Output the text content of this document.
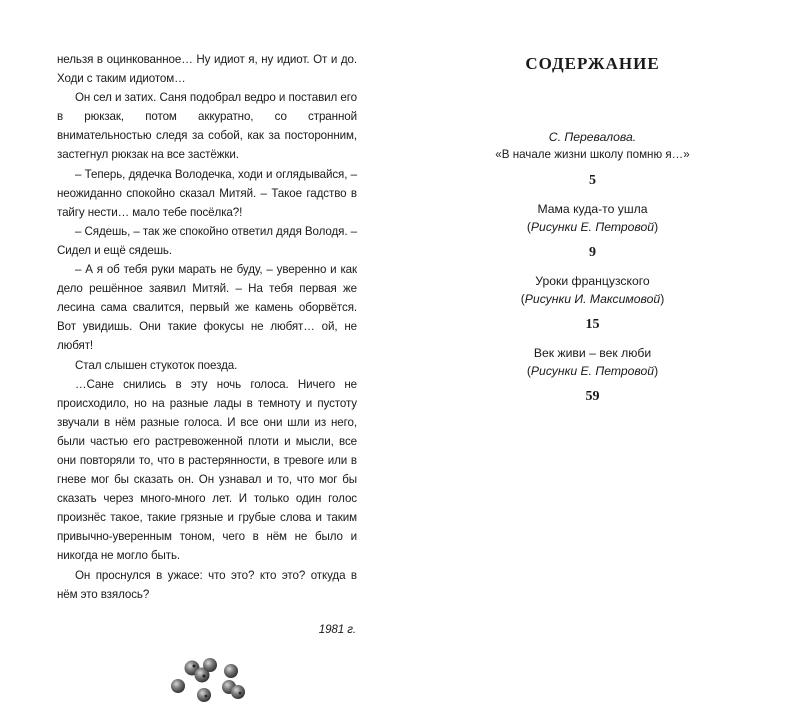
нельзя в оцинкованное… Ну идиот я, ну идиот. От и до. Ходи с таким идиотом…

Он сел и затих. Саня подобрал ведро и поставил его в рюкзак, потом аккуратно, со странной внимательностью следя за собой, как за посторонним, застегнул рюкзак на все застёжки.

– Теперь, дядечка Володечка, ходи и оглядывайся, – неожиданно спокойно сказал Митяй. – Такое гадство в тайгу нести… мало тебе посёлка?!

– Сядешь, – так же спокойно ответил дядя Володя. – Сидел и ещё сядешь.

– А я об тебя руки марать не буду, – уверенно и как дело решённое заявил Митяй. – На тебя первая же лесина сама свалится, первый же камень оборвётся. Вот увидишь. Они такие фокусы не любят… ой, не любят!

Стал слышен стукоток поезда.

…Сане снились в эту ночь голоса. Ничего не происходило, но на разные лады в темноту и пустоту звучали в нём разные голоса. И все они шли из него, были частью его растревоженной плоти и мысли, все они повторяли то, что в растерянности, в тревоге или в гневе мог бы сказать он. Он узнавал и то, что мог бы сказать через много-много лет. И только один голос произнёс такое, такие грязные и грубые слова и таким привычно-уверенным тоном, чего в нём не было и никогда не могло быть.

Он проснулся в ужасе: что это? кто это? откуда в нём это взялось?

1981 г.
СОДЕРЖАНИЕ
С. Перевалова.
«В начале жизни школу помню я…»
5
Мама куда-то ушла
(Рисунки Е. Петровой)
9
Уроки французского
(Рисунки И. Максимовой)
15
Век живи – век люби
(Рисунки Е. Петровой)
59
